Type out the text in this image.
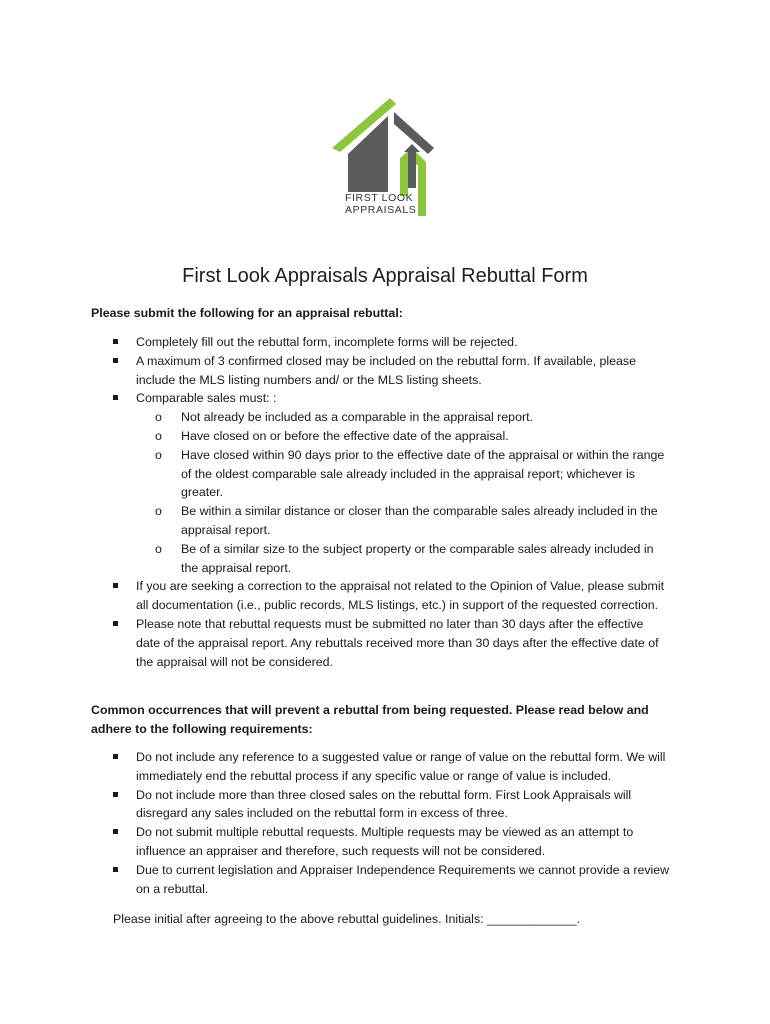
FIRST LOOK
APPRAISALS
First Look Appraisals Appraisal Rebuttal Form
Please submit the following for an appraisal rebuttal:
Completely fill out the rebuttal form, incomplete forms will be rejected.
A maximum of 3 confirmed closed may be included on the rebuttal form. If available, please include the MLS listing numbers and/ or the MLS listing sheets.
Comparable sales must: :
o Not already be included as a comparable in the appraisal report.
o Have closed on or before the effective date of the appraisal.
o Have closed within 90 days prior to the effective date of the appraisal or within the range of the oldest comparable sale already included in the appraisal report; whichever is greater.
o Be within a similar distance or closer than the comparable sales already included in the appraisal report.
o Be of a similar size to the subject property or the comparable sales already included in the appraisal report.
If you are seeking a correction to the appraisal not related to the Opinion of Value, please submit all documentation (i.e., public records, MLS listings, etc.) in support of the requested correction.
Please note that rebuttal requests must be submitted no later than 30 days after the effective date of the appraisal report. Any rebuttals received more than 30 days after the effective date of the appraisal will not be considered.
Common occurrences that will prevent a rebuttal from being requested. Please read below and adhere to the following requirements:
Do not include any reference to a suggested value or range of value on the rebuttal form. We will immediately end the rebuttal process if any specific value or range of value is included.
Do not include more than three closed sales on the rebuttal form. First Look Appraisals will disregard any sales included on the rebuttal form in excess of three.
Do not submit multiple rebuttal requests. Multiple requests may be viewed as an attempt to influence an appraiser and therefore, such requests will not be considered.
Due to current legislation and Appraiser Independence Requirements we cannot provide a review on a rebuttal.
Please initial after agreeing to the above rebuttal guidelines. Initials: _____________.
